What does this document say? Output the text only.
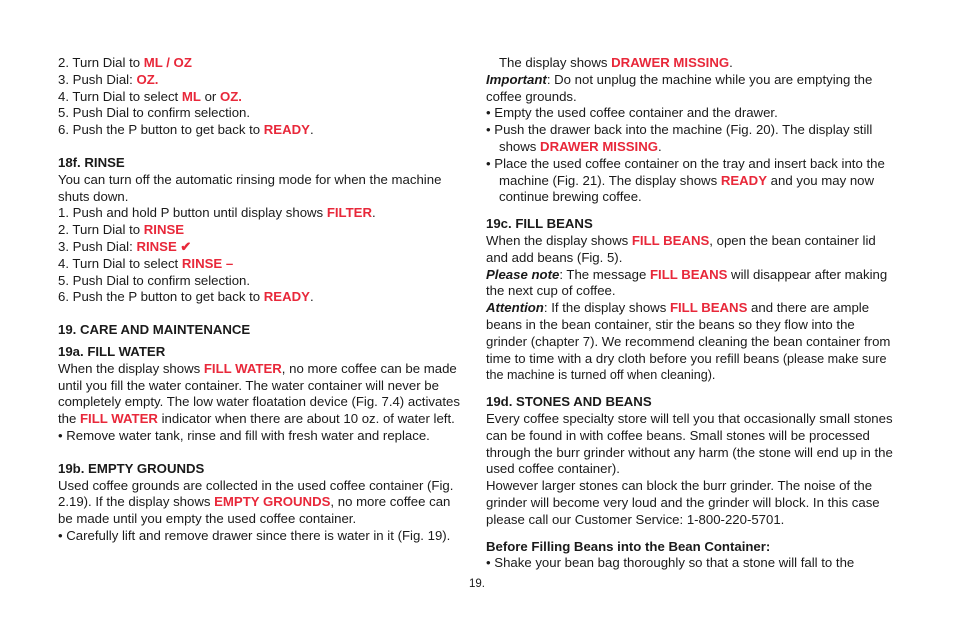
2. Turn Dial to ML / OZ

3. Push Dial: OZ.

4. Turn Dial to select ML or OZ.

5. Push Dial to confirm selection.

6. Push the P button to get back to READY.

18f. RINSE

You can turn off the automatic rinsing mode for when the machine shuts down.

1. Push and hold P button until display shows FILTER.

2. Turn Dial to RINSE

3. Push Dial: RINSE ✔

4. Turn Dial to select RINSE –

5. Push Dial to confirm selection.

6. Push the P button to get back to READY.

19. CARE AND MAINTENANCE

19a. FILL WATER

When the display shows FILL WATER, no more coffee can be made until you fill the water container. The water container will never be completely empty. The low water floatation device (Fig. 7.4) activates the FILL WATER indicator when there are about 10 oz. of water left.

• Remove water tank, rinse and fill with fresh water and replace.

19b. EMPTY GROUNDS

Used coffee grounds are collected in the used coffee container (Fig. 2.19). If the display shows EMPTY GROUNDS, no more coffee can be made until you empty the used coffee container.

• Carefully lift and remove drawer since there is water in it (Fig. 19).

The display shows DRAWER MISSING.

Important: Do not unplug the machine while you are emptying the coffee grounds.

• Empty the used coffee container and the drawer.

• Push the drawer back into the machine (Fig. 20). The display still shows DRAWER MISSING.

• Place the used coffee container on the tray and insert back into the machine (Fig. 21). The display shows READY and you may now continue brewing coffee.

19c. FILL BEANS

When the display shows FILL BEANS, open the bean container lid and add beans (Fig. 5).

Please note: The message FILL BEANS will disappear after making the next cup of coffee.

Attention: If the display shows FILL BEANS and there are ample beans in the bean container, stir the beans so they flow into the grinder (chapter 7). We recommend cleaning the bean container from time to time with a dry cloth before you refill beans (please make sure the machine is turned off when cleaning).

19d. STONES AND BEANS

Every coffee specialty store will tell you that occasionally small stones can be found in with coffee beans. Small stones will be processed through the burr grinder without any harm (the stone will end up in the used coffee container).

However larger stones can block the burr grinder. The noise of the grinder will become very loud and the grinder will block. In this case please call our Customer Service: 1-800-220-5701.

Before Filling Beans into the Bean Container:

• Shake your bean bag thoroughly so that a stone will fall to the

19.
